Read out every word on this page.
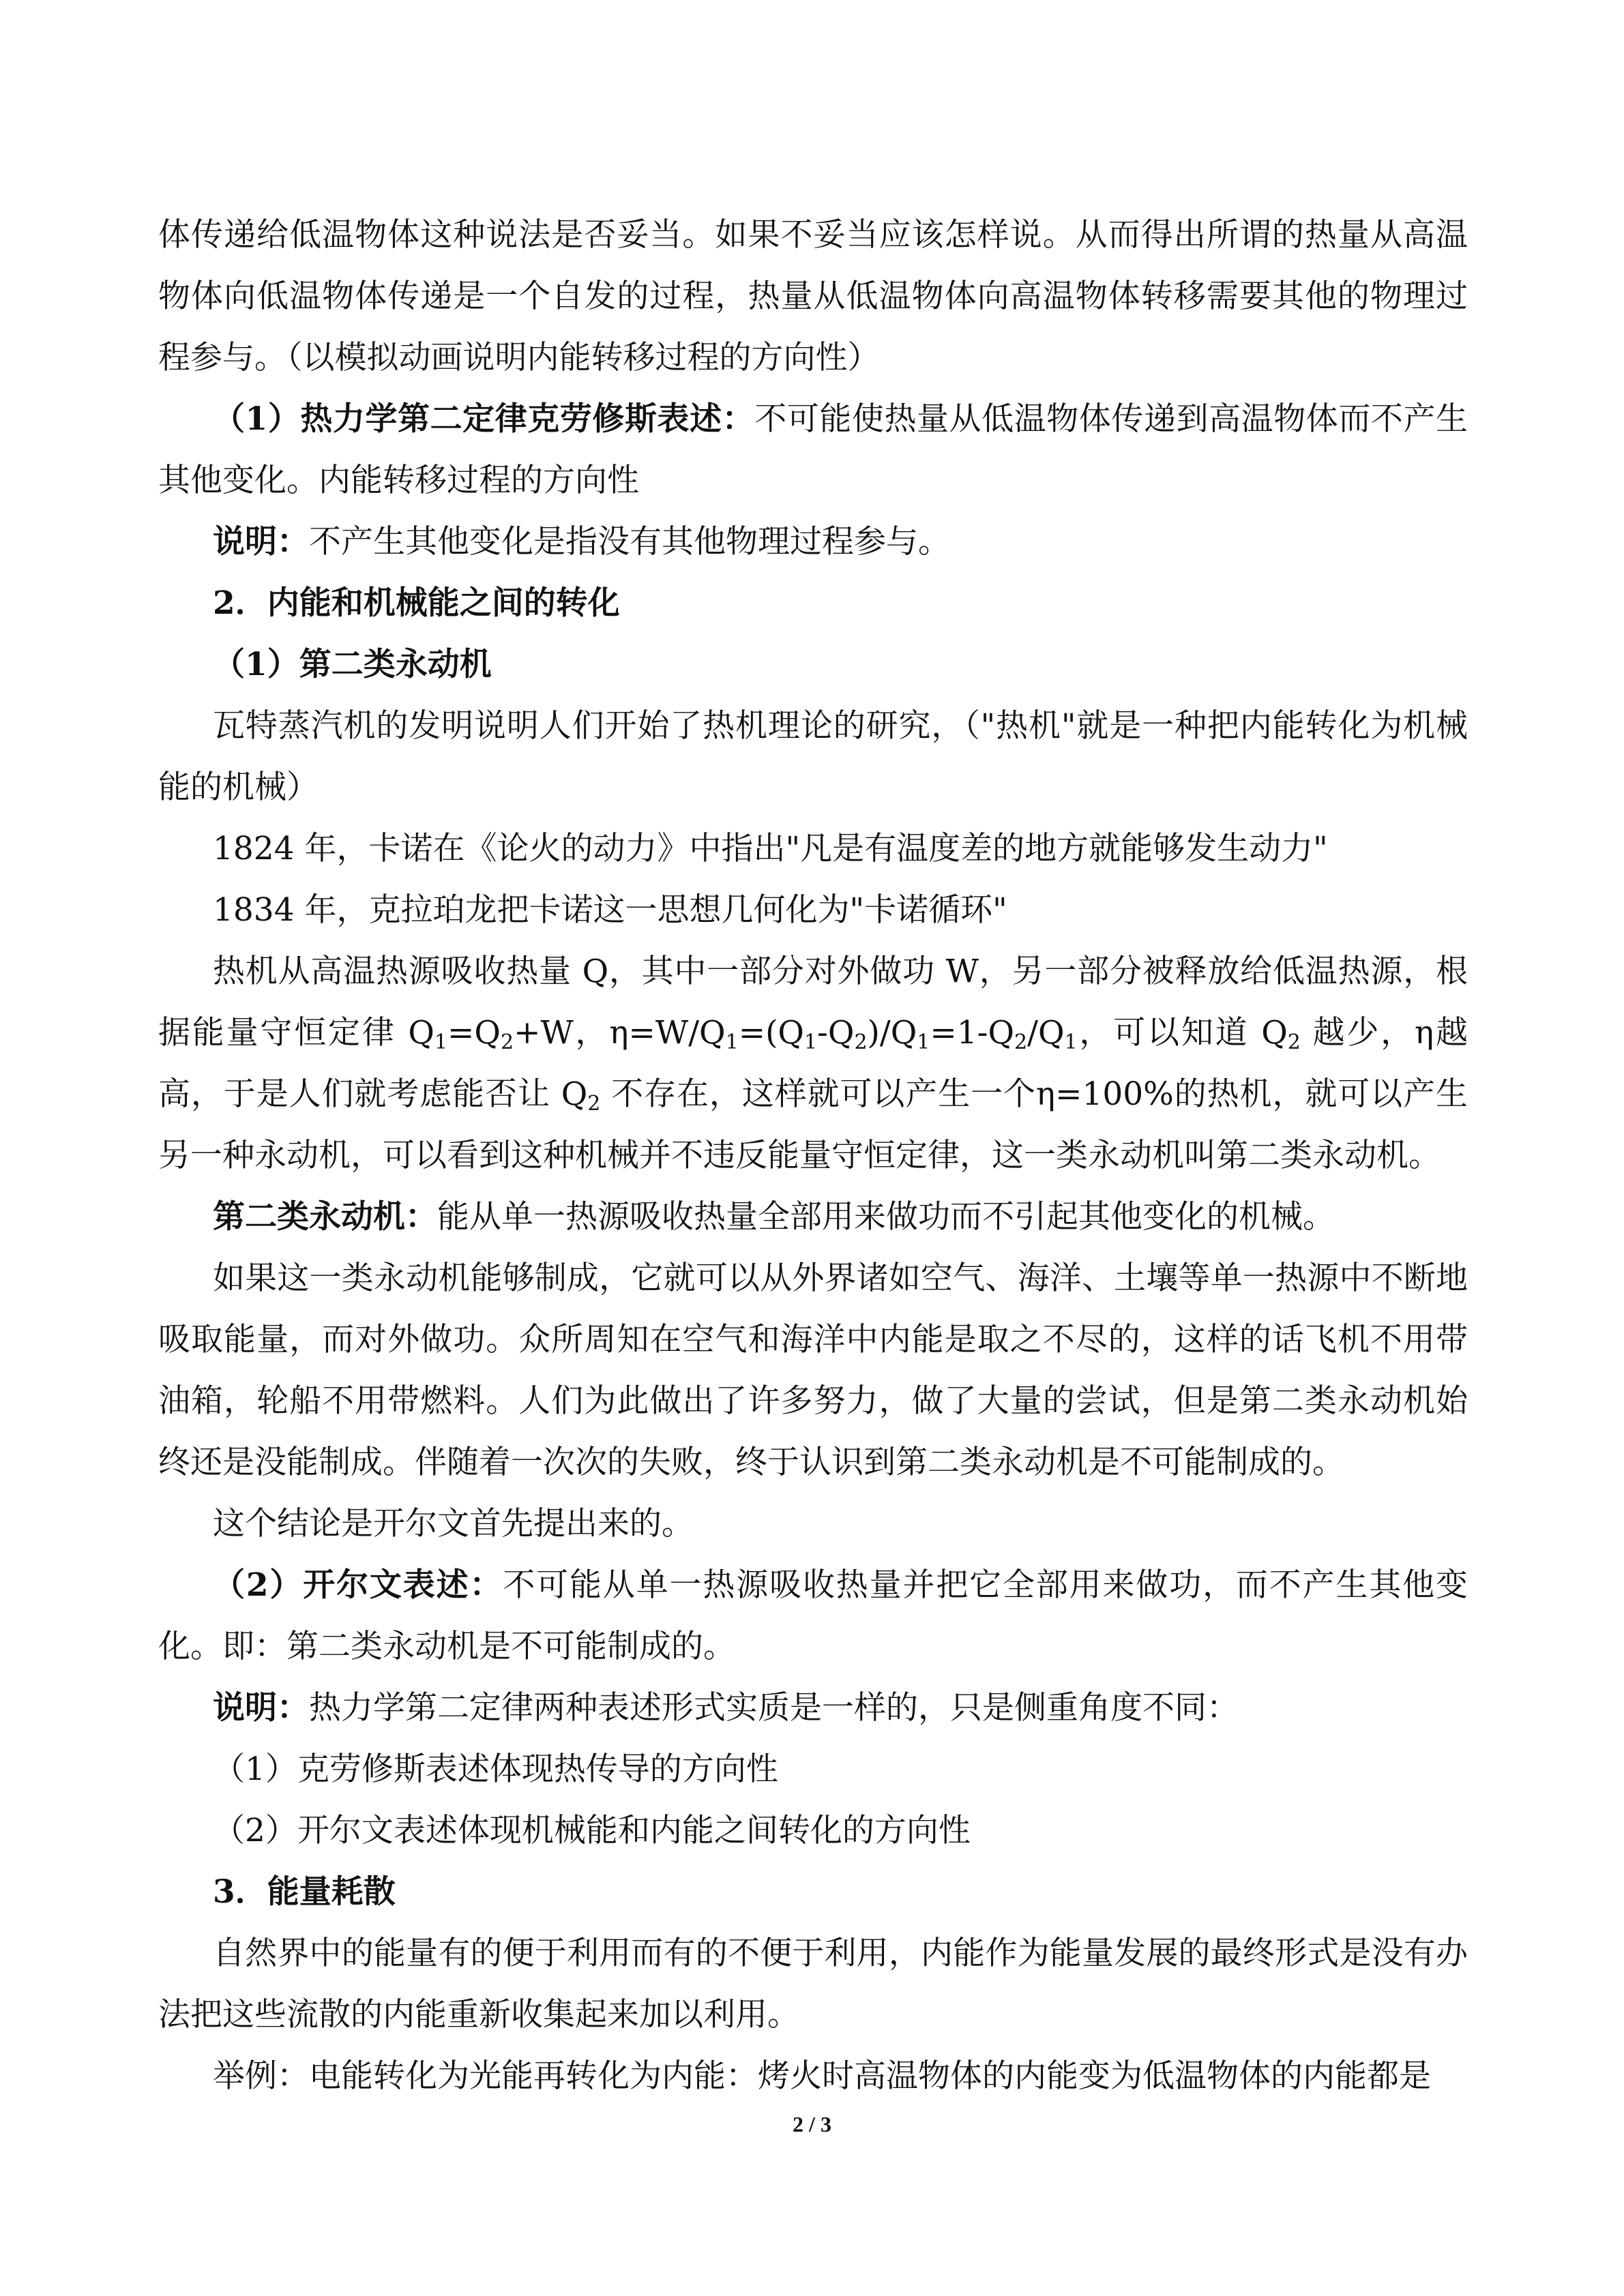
体传递给低温物体这种说法是否妥当。如果不妥当应该怎样说。从而得出所谓的热量从高温物体向低温物体传递是一个自发的过程，热量从低温物体向高温物体转移需要其他的物理过程参与。（以模拟动画说明内能转移过程的方向性）

（1）热力学第二定律克劳修斯表述：不可能使热量从低温物体传递到高温物体而不产生其他变化。内能转移过程的方向性

说明：不产生其他变化是指没有其他物理过程参与。

2．内能和机械能之间的转化

（1）第二类永动机

瓦特蒸汽机的发明说明人们开始了热机理论的研究，（"热机"就是一种把内能转化为机械能的机械）

1824 年，卡诺在《论火的动力》中指出"凡是有温度差的地方就能够发生动力"

1834 年，克拉珀龙把卡诺这一思想几何化为"卡诺循环"

热机从高温热源吸收热量 Q，其中一部分对外做功 W，另一部分被释放给低温热源，根据能量守恒定律 $Q_1=Q_2+W$，$\eta=W/Q_1=(Q_1-Q_2)/Q_1=1-Q_2/Q_1$，可以知道 $Q_2$ 越少，η越高，于是人们就考虑能否让 $Q_2$ 不存在，这样就可以产生一个η=100%的热机，就可以产生另一种永动机，可以看到这种机械并不违反能量守恒定律，这一类永动机叫第二类永动机。

第二类永动机：能从单一热源吸收热量全部用来做功而不引起其他变化的机械。

如果这一类永动机能够制成，它就可以从外界诸如空气、海洋、土壤等单一热源中不断地吸取能量，而对外做功。众所周知在空气和海洋中内能是取之不尽的，这样的话飞机不用带油箱，轮船不用带燃料。人们为此做出了许多努力，做了大量的尝试，但是第二类永动机始终还是没能制成。伴随着一次次的失败，终于认识到第二类永动机是不可能制成的。

这个结论是开尔文首先提出来的。

（2）开尔文表述：不可能从单一热源吸收热量并把它全部用来做功，而不产生其他变化。即：第二类永动机是不可能制成的。

说明：热力学第二定律两种表述形式实质是一样的，只是侧重角度不同：

（1）克劳修斯表述体现热传导的方向性

（2）开尔文表述体现机械能和内能之间转化的方向性

3．能量耗散

自然界中的能量有的便于利用而有的不便于利用，内能作为能量发展的最终形式是没有办法把这些流散的内能重新收集起来加以利用。

举例：电能转化为光能再转化为内能：烤火时高温物体的内能变为低温物体的内能都是

2 / 3
